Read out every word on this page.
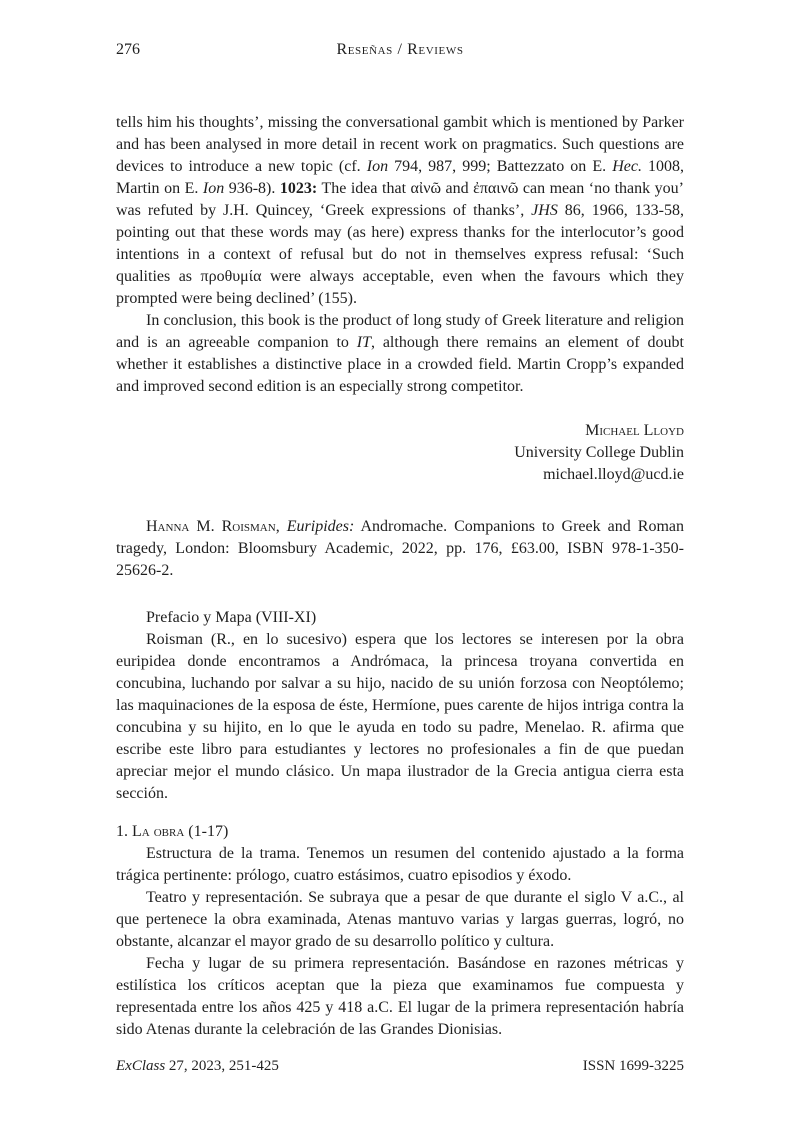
276	Reseñas / Reviews

tells him his thoughts’, missing the conversational gambit which is mentioned by Parker and has been analysed in more detail in recent work on pragmatics. Such questions are devices to introduce a new topic (cf. Ion 794, 987, 999; Battezzato on E. Hec. 1008, Martin on E. Ion 936-8). 1023: The idea that αἰνῶ and ἐπαινῶ can mean ‘no thank you’ was refuted by J.H. Quincey, ‘Greek expressions of thanks’, JHS 86, 1966, 133-58, pointing out that these words may (as here) express thanks for the interlocutor’s good intentions in a context of refusal but do not in themselves express refusal: ‘Such qualities as προθυμία were always acceptable, even when the favours which they prompted were being declined’ (155).

In conclusion, this book is the product of long study of Greek literature and religion and is an agreeable companion to IT, although there remains an element of doubt whether it establishes a distinctive place in a crowded field. Martin Cropp’s expanded and improved second edition is an especially strong competitor.

Michael Lloyd
University College Dublin
michael.lloyd@ucd.ie

Hanna M. Roisman, Euripides: Andromache. Companions to Greek and Roman tragedy, London: Bloomsbury Academic, 2022, pp. 176, £63.00, ISBN 978-1-350-25626-2.

Prefacio y Mapa (VIII-XI)

Roisman (R., en lo sucesivo) espera que los lectores se interesen por la obra euripidea donde encontramos a Andrómaca, la princesa troyana convertida en concubina, luchando por salvar a su hijo, nacido de su unión forzosa con Neoptólemo; las maquinaciones de la esposa de éste, Hermíone, pues carente de hijos intriga contra la concubina y su hijito, en lo que le ayuda en todo su padre, Menelao. R. afirma que escribe este libro para estudiantes y lectores no profesionales a fin de que puedan apreciar mejor el mundo clásico. Un mapa ilustrador de la Grecia antigua cierra esta sección.

1. La obra (1-17)

Estructura de la trama. Tenemos un resumen del contenido ajustado a la forma trágica pertinente: prólogo, cuatro estásimos, cuatro episodios y éxodo.

Teatro y representación. Se subraya que a pesar de que durante el siglo V a.C., al que pertenece la obra examinada, Atenas mantuvo varias y largas guerras, logró, no obstante, alcanzar el mayor grado de su desarrollo político y cultura.

Fecha y lugar de su primera representación. Basándose en razones métricas y estilística los críticos aceptan que la pieza que examinamos fue compuesta y representada entre los años 425 y 418 a.C. El lugar de la primera representación habría sido Atenas durante la celebración de las Grandes Dionisias.

ExClass 27, 2023, 251-425	ISSN 1699-3225
